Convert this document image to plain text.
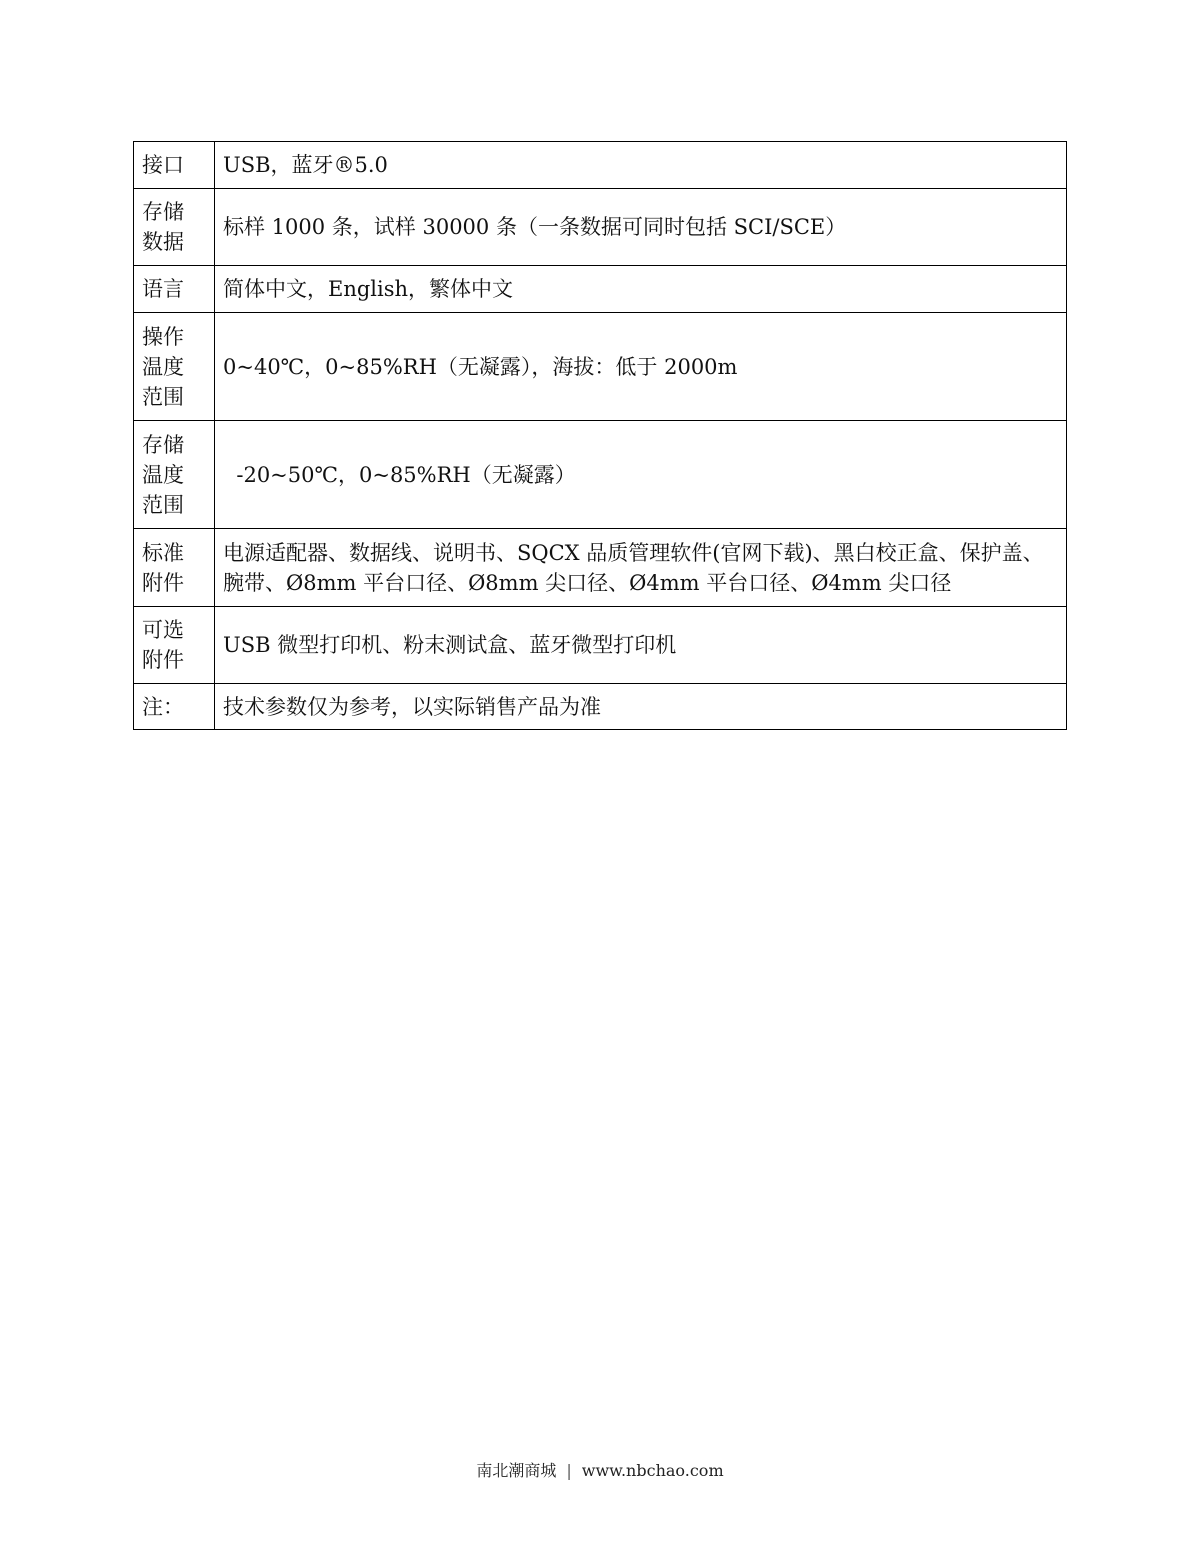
接口	USB，蓝牙®5.0

存储数据	标样 1000 条，试样 30000 条（一条数据可同时包括 SCI/SCE）

语言	简体中文，English，繁体中文

操作温度范围	0~40℃，0~85%RH（无凝露），海拔：低于 2000m

存储温度范围	-20~50℃，0~85%RH（无凝露）

标准附件	电源适配器、数据线、说明书、SQCX 品质管理软件(官网下载)、黑白校正盒、保护盖、腕带、Ø8mm 平台口径、Ø8mm 尖口径、Ø4mm 平台口径、Ø4mm 尖口径

可选附件	USB 微型打印机、粉末测试盒、蓝牙微型打印机

注：	技术参数仅为参考，以实际销售产品为准
南北潮商城 | www.nbchao.com
